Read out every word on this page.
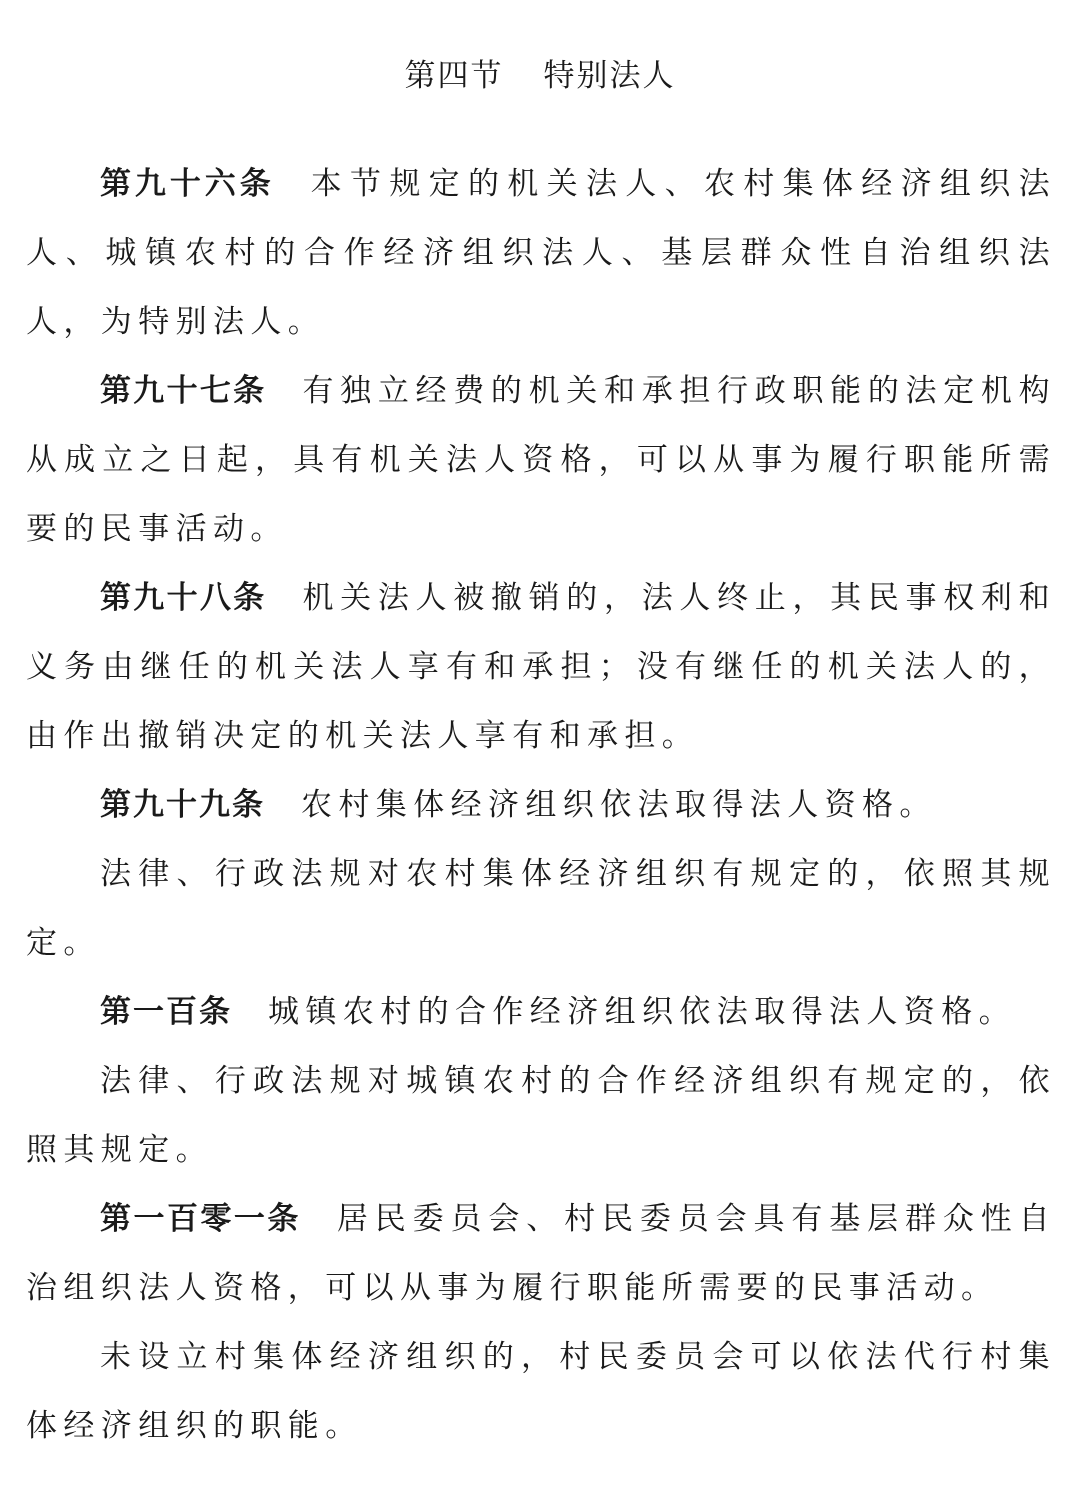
第四节 特别法人

第九十六条 本节规定的机关法人、农村集体经济组织法人、城镇农村的合作经济组织法人、基层群众性自治组织法人，为特别法人。

第九十七条 有独立经费的机关和承担行政职能的法定机构从成立之日起，具有机关法人资格，可以从事为履行职能所需要的民事活动。

第九十八条 机关法人被撤销的，法人终止，其民事权利和义务由继任的机关法人享有和承担；没有继任的机关法人的，由作出撤销决定的机关法人享有和承担。

第九十九条 农村集体经济组织依法取得法人资格。

法律、行政法规对农村集体经济组织有规定的，依照其规定。

第一百条 城镇农村的合作经济组织依法取得法人资格。

法律、行政法规对城镇农村的合作经济组织有规定的，依照其规定。

第一百零一条 居民委员会、村民委员会具有基层群众性自治组织法人资格，可以从事为履行职能所需要的民事活动。

未设立村集体经济组织的，村民委员会可以依法代行村集体经济组织的职能。
